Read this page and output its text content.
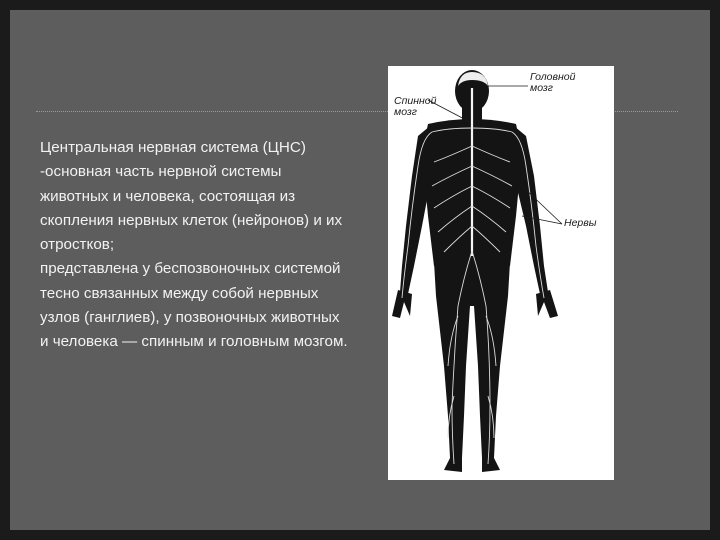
Центральная нервная система (ЦНС) -основная часть нервной системы животных и человека, состоящая из скопления нервных клеток (нейронов) и их отростков;

представлена у беспозвоночных системой тесно связанных между собой нервных узлов (ганглиев), у позвоночных животных и человека — спинным и головным мозгом.

Головной мозг
Спинной мозг
Нервы
